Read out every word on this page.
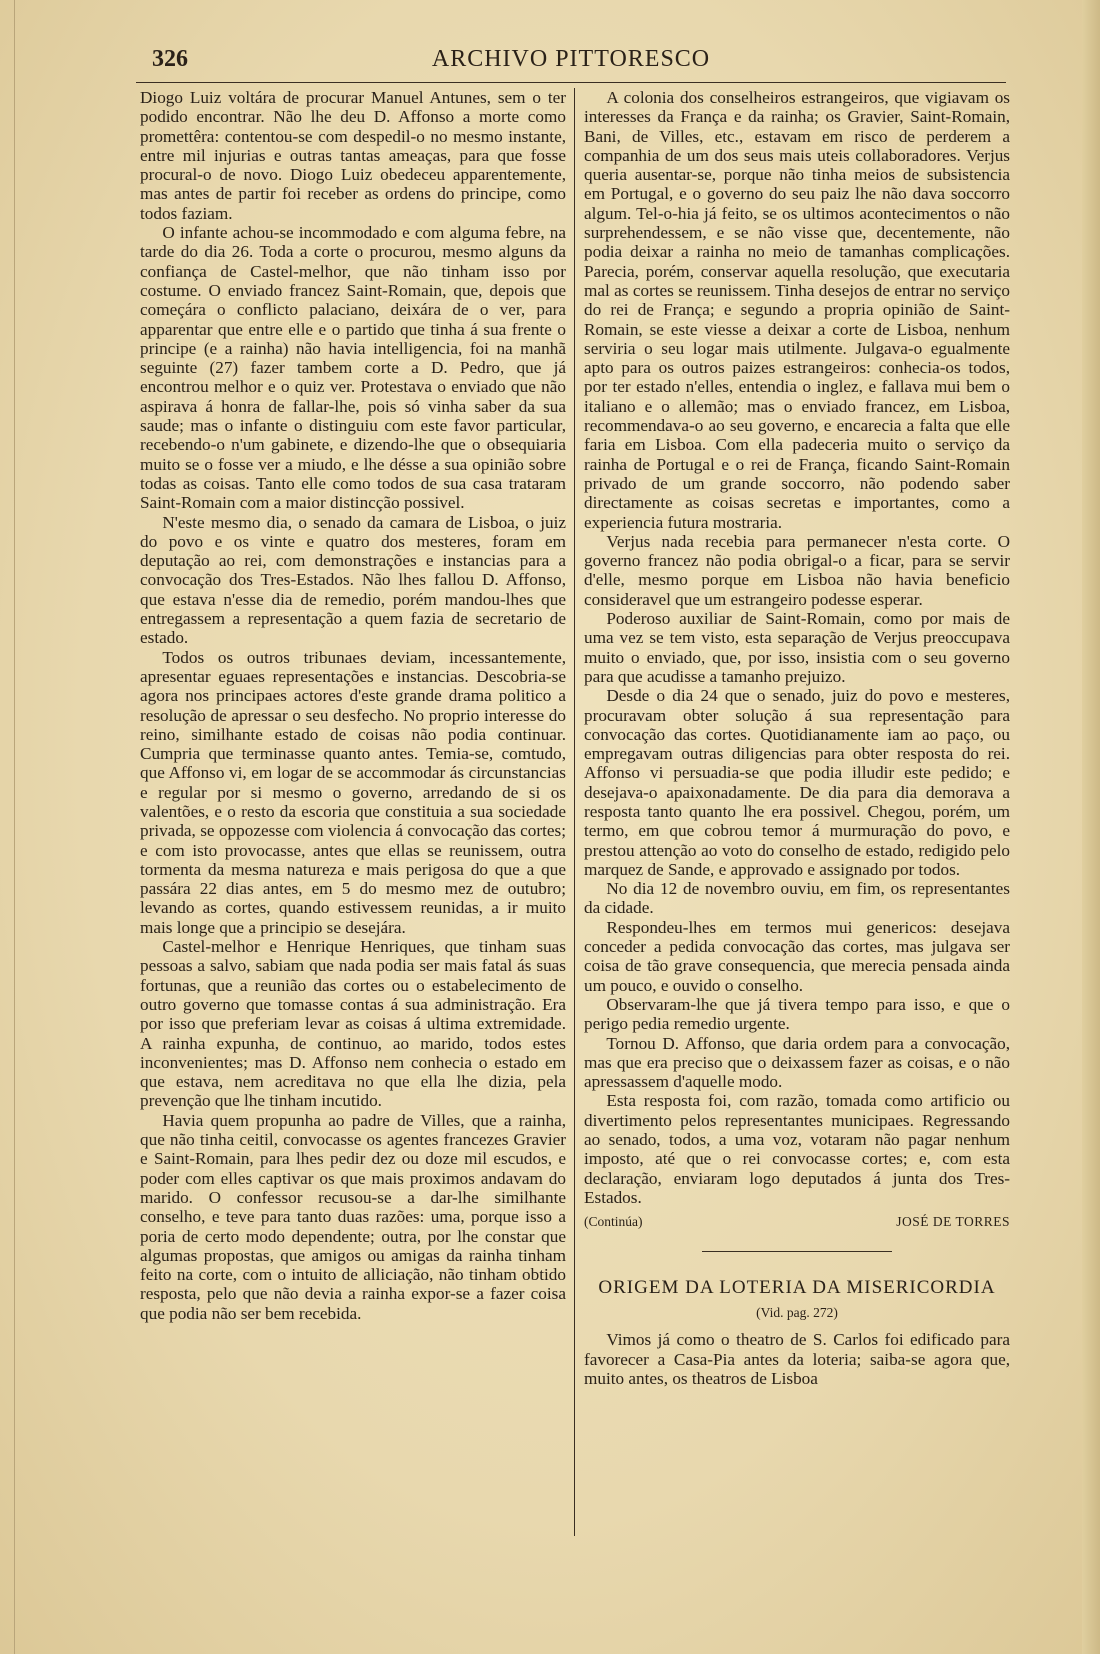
326	ARCHIVO PITTORESCO

Diogo Luiz voltára de procurar Manuel Antunes, sem o ter podido encontrar. Não lhe deu D. Affonso a morte como promettêra: contentou-se com despedil-o no mesmo instante, entre mil injurias e outras tantas ameaças, para que fosse procural-o de novo. Diogo Luiz obedeceu apparentemente, mas antes de partir foi receber as ordens do principe, como todos faziam.

O infante achou-se incommodado e com alguma febre, na tarde do dia 26. Toda a corte o procurou, mesmo alguns da confiança de Castel-melhor, que não tinham isso por costume. O enviado francez Saint-Romain, que, depois que começára o conflicto palaciano, deixára de o ver, para apparentar que entre elle e o partido que tinha á sua frente o principe (e a rainha) não havia intelligencia, foi na manhã seguinte (27) fazer tambem corte a D. Pedro, que já encontrou melhor e o quiz ver. Protestava o enviado que não aspirava á honra de fallar-lhe, pois só vinha saber da sua saude; mas o infante o distinguiu com este favor particular, recebendo-o n'um gabinete, e dizendo-lhe que o obsequiaria muito se o fosse ver a miudo, e lhe désse a sua opinião sobre todas as coisas. Tanto elle como todos de sua casa trataram Saint-Romain com a maior distincção possivel.

N'este mesmo dia, o senado da camara de Lisboa, o juiz do povo e os vinte e quatro dos mesteres, foram em deputação ao rei, com demonstrações e instancias para a convocação dos Tres-Estados. Não lhes fallou D. Affonso, que estava n'esse dia de remedio, porém mandou-lhes que entregassem a representação a quem fazia de secretario de estado.

Todos os outros tribunaes deviam, incessantemente, apresentar eguaes representações e instancias. Descobria-se agora nos principaes actores d'este grande drama politico a resolução de apressar o seu desfecho. No proprio interesse do reino, similhante estado de coisas não podia continuar. Cumpria que terminasse quanto antes. Temia-se, comtudo, que Affonso vi, em logar de se accommodar ás circunstancias e regular por si mesmo o governo, arredando de si os valentões, e o resto da escoria que constituia a sua sociedade privada, se oppozesse com violencia á convocação das cortes; e com isto provocasse, antes que ellas se reunissem, outra tormenta da mesma natureza e mais perigosa do que a que passára 22 dias antes, em 5 do mesmo mez de outubro; levando as cortes, quando estivessem reunidas, a ir muito mais longe que a principio se desejára.

Castel-melhor e Henrique Henriques, que tinham suas pessoas a salvo, sabiam que nada podia ser mais fatal ás suas fortunas, que a reunião das cortes ou o estabelecimento de outro governo que tomasse contas á sua administração. Era por isso que preferiam levar as coisas á ultima extremidade. A rainha expunha, de continuo, ao marido, todos estes inconvenientes; mas D. Affonso nem conhecia o estado em que estava, nem acreditava no que ella lhe dizia, pela prevenção que lhe tinham incutido.

Havia quem propunha ao padre de Villes, que a rainha, que não tinha ceitil, convocasse os agentes francezes Gravier e Saint-Romain, para lhes pedir dez ou doze mil escudos, e poder com elles captivar os que mais proximos andavam do marido. O confessor recusou-se a dar-lhe similhante conselho, e teve para tanto duas razões: uma, porque isso a poria de certo modo dependente; outra, por lhe constar que algumas propostas, que amigos ou amigas da rainha tinham feito na corte, com o intuito de alliciação, não tinham obtido resposta, pelo que não devia a rainha expor-se a fazer coisa que podia não ser bem recebida.

A colonia dos conselheiros estrangeiros, que vigiavam os interesses da França e da rainha; os Gravier, Saint-Romain, Bani, de Villes, etc., estavam em risco de perderem a companhia de um dos seus mais uteis collaboradores. Verjus queria ausentar-se, porque não tinha meios de subsistencia em Portugal, e o governo do seu paiz lhe não dava soccorro algum. Tel-o-hia já feito, se os ultimos acontecimentos o não surprehendessem, e se não visse que, decentemente, não podia deixar a rainha no meio de tamanhas complicações. Parecia, porém, conservar aquella resolução, que executaria mal as cortes se reunissem. Tinha desejos de entrar no serviço do rei de França; e segundo a propria opinião de Saint-Romain, se este viesse a deixar a corte de Lisboa, nenhum serviria o seu logar mais utilmente. Julgava-o egualmente apto para os outros paizes estrangeiros: conhecia-os todos, por ter estado n'elles, entendia o inglez, e fallava mui bem o italiano e o allemão; mas o enviado francez, em Lisboa, recommendava-o ao seu governo, e encarecia a falta que elle faria em Lisboa. Com ella padeceria muito o serviço da rainha de Portugal e o rei de França, ficando Saint-Romain privado de um grande soccorro, não podendo saber directamente as coisas secretas e importantes, como a experiencia futura mostraria.

Verjus nada recebia para permanecer n'esta corte. O governo francez não podia obrigal-o a ficar, para se servir d'elle, mesmo porque em Lisboa não havia beneficio consideravel que um estrangeiro podesse esperar.

Poderoso auxiliar de Saint-Romain, como por mais de uma vez se tem visto, esta separação de Verjus preoccupava muito o enviado, que, por isso, insistia com o seu governo para que acudisse a tamanho prejuizo.

Desde o dia 24 que o senado, juiz do povo e mesteres, procuravam obter solução á sua representação para convocação das cortes. Quotidianamente iam ao paço, ou empregavam outras diligencias para obter resposta do rei. Affonso vi persuadia-se que podia illudir este pedido; e desejava-o apaixonadamente. De dia para dia demorava a resposta tanto quanto lhe era possivel. Chegou, porém, um termo, em que cobrou temor á murmuração do povo, e prestou attenção ao voto do conselho de estado, redigido pelo marquez de Sande, e approvado e assignado por todos.

No dia 12 de novembro ouviu, em fim, os representantes da cidade.

Respondeu-lhes em termos mui genericos: desejava conceder a pedida convocação das cortes, mas julgava ser coisa de tão grave consequencia, que merecia pensada ainda um pouco, e ouvido o conselho.

Observaram-lhe que já tivera tempo para isso, e que o perigo pedia remedio urgente.

Tornou D. Affonso, que daria ordem para a convocação, mas que era preciso que o deixassem fazer as coisas, e o não apressassem d'aquelle modo.

Esta resposta foi, com razão, tomada como artificio ou divertimento pelos representantes municipaes. Regressando ao senado, todos, a uma voz, votaram não pagar nenhum imposto, até que o rei convocasse cortes; e, com esta declaração, enviaram logo deputados á junta dos Tres-Estados.

(Continúa)	JOSÉ DE TORRES
ORIGEM DA LOTERIA DA MISERICORDIA
(Vid. pag. 272)

Vimos já como o theatro de S. Carlos foi edificado para favorecer a Casa-Pia antes da loteria; saiba-se agora que, muito antes, os theatros de Lisboa
